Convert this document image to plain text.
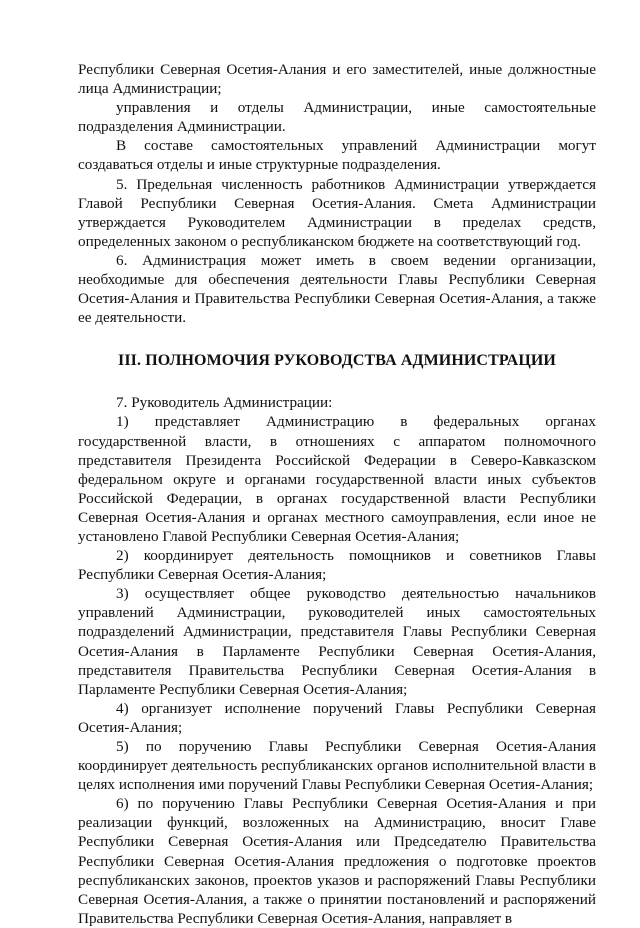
Республики Северная Осетия-Алания и его заместителей, иные должностные лица Администрации;

управления и отделы Администрации, иные самостоятельные подразделения Администрации.

В составе самостоятельных управлений Администрации могут создаваться отделы и иные структурные подразделения.

5. Предельная численность работников Администрации утверждается Главой Республики Северная Осетия-Алания. Смета Администрации утверждается Руководителем Администрации в пределах средств, определенных законом о республиканском бюджете на соответствующий год.

6. Администрация может иметь в своем ведении организации, необходимые для обеспечения деятельности Главы Республики Северная Осетия-Алания и Правительства Республики Северная Осетия-Алания, а также ее деятельности.

III. ПОЛНОМОЧИЯ РУКОВОДСТВА АДМИНИСТРАЦИИ

7. Руководитель Администрации:

1) представляет Администрацию в федеральных органах государственной власти, в отношениях с аппаратом полномочного представителя Президента Российской Федерации в Северо-Кавказском федеральном округе и органами государственной власти иных субъектов Российской Федерации, в органах государственной власти Республики Северная Осетия-Алания и органах местного самоуправления, если иное не установлено Главой Республики Северная Осетия-Алания;

2) координирует деятельность помощников и советников Главы Республики Северная Осетия-Алания;

3) осуществляет общее руководство деятельностью начальников управлений Администрации, руководителей иных самостоятельных подразделений Администрации, представителя Главы Республики Северная Осетия-Алания в Парламенте Республики Северная Осетия-Алания, представителя Правительства Республики Северная Осетия-Алания в Парламенте Республики Северная Осетия-Алания;

4) организует исполнение поручений Главы Республики Северная Осетия-Алания;

5) по поручению Главы Республики Северная Осетия-Алания координирует деятельность республиканских органов исполнительной власти в целях исполнения ими поручений Главы Республики Северная Осетия-Алания;

6) по поручению Главы Республики Северная Осетия-Алания и при реализации функций, возложенных на Администрацию, вносит Главе Республики Северная Осетия-Алания или Председателю Правительства Республики Северная Осетия-Алания предложения о подготовке проектов республиканских законов, проектов указов и распоряжений Главы Республики Северная Осетия-Алания, а также о принятии постановлений и распоряжений Правительства Республики Северная Осетия-Алания, направляет в
